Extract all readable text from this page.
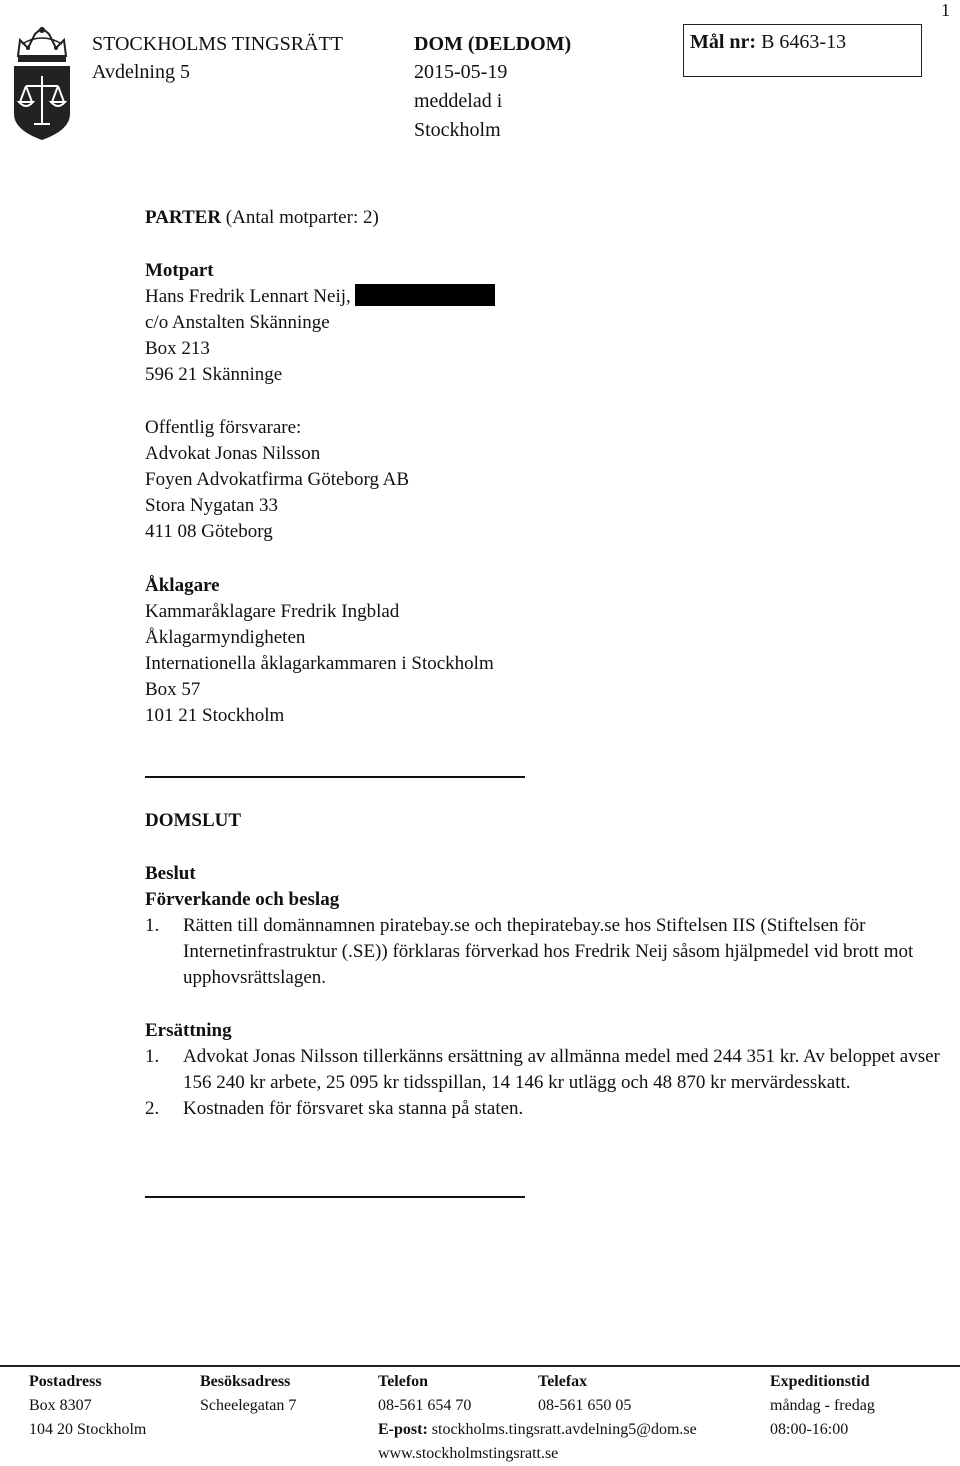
1
STOCKHOLMS TINGSRÄTT
Avdelning 5
DOM (DELDOM)
2015-05-19
meddelad i
Stockholm
Mål nr: B 6463-13
PARTER (Antal motparter: 2)
Motpart
Hans Fredrik Lennart Neij,
c/o Anstalten Skänninge
Box 213
596 21 Skänninge
Offentlig försvarare:
Advokat Jonas Nilsson
Foyen Advokatfirma Göteborg AB
Stora Nygatan 33
411 08 Göteborg
Åklagare
Kammaråklagare Fredrik Ingblad
Åklagarmyndigheten
Internationella åklagarkammaren i Stockholm
Box 57
101 21 Stockholm
DOMSLUT
Beslut
Förverkande och beslag
1.	Rätten till domännamnen piratebay.se och thepiratebay.se hos Stiftelsen IIS (Stiftelsen för Internetinfrastruktur (.SE)) förklaras förverkad hos Fredrik Neij såsom hjälpmedel vid brott mot upphovsrättslagen.
Ersättning
1.	Advokat Jonas Nilsson tillerkänns ersättning av allmänna medel med 244 351 kr. Av beloppet avser 156 240 kr arbete, 25 095 kr tidsspillan, 14 146 kr utlägg och 48 870 kr mervärdesskatt.
2.	Kostnaden för försvaret ska stanna på staten.
Postadress
Box 8307
104 20 Stockholm
Besöksadress
Scheelegatan 7
Telefon
08-561 654 70
E-post: stockholms.tingsratt.avdelning5@dom.se
www.stockholmstingsratt.se
Telefax
08-561 650 05
Expeditionstid
måndag - fredag
08:00-16:00
